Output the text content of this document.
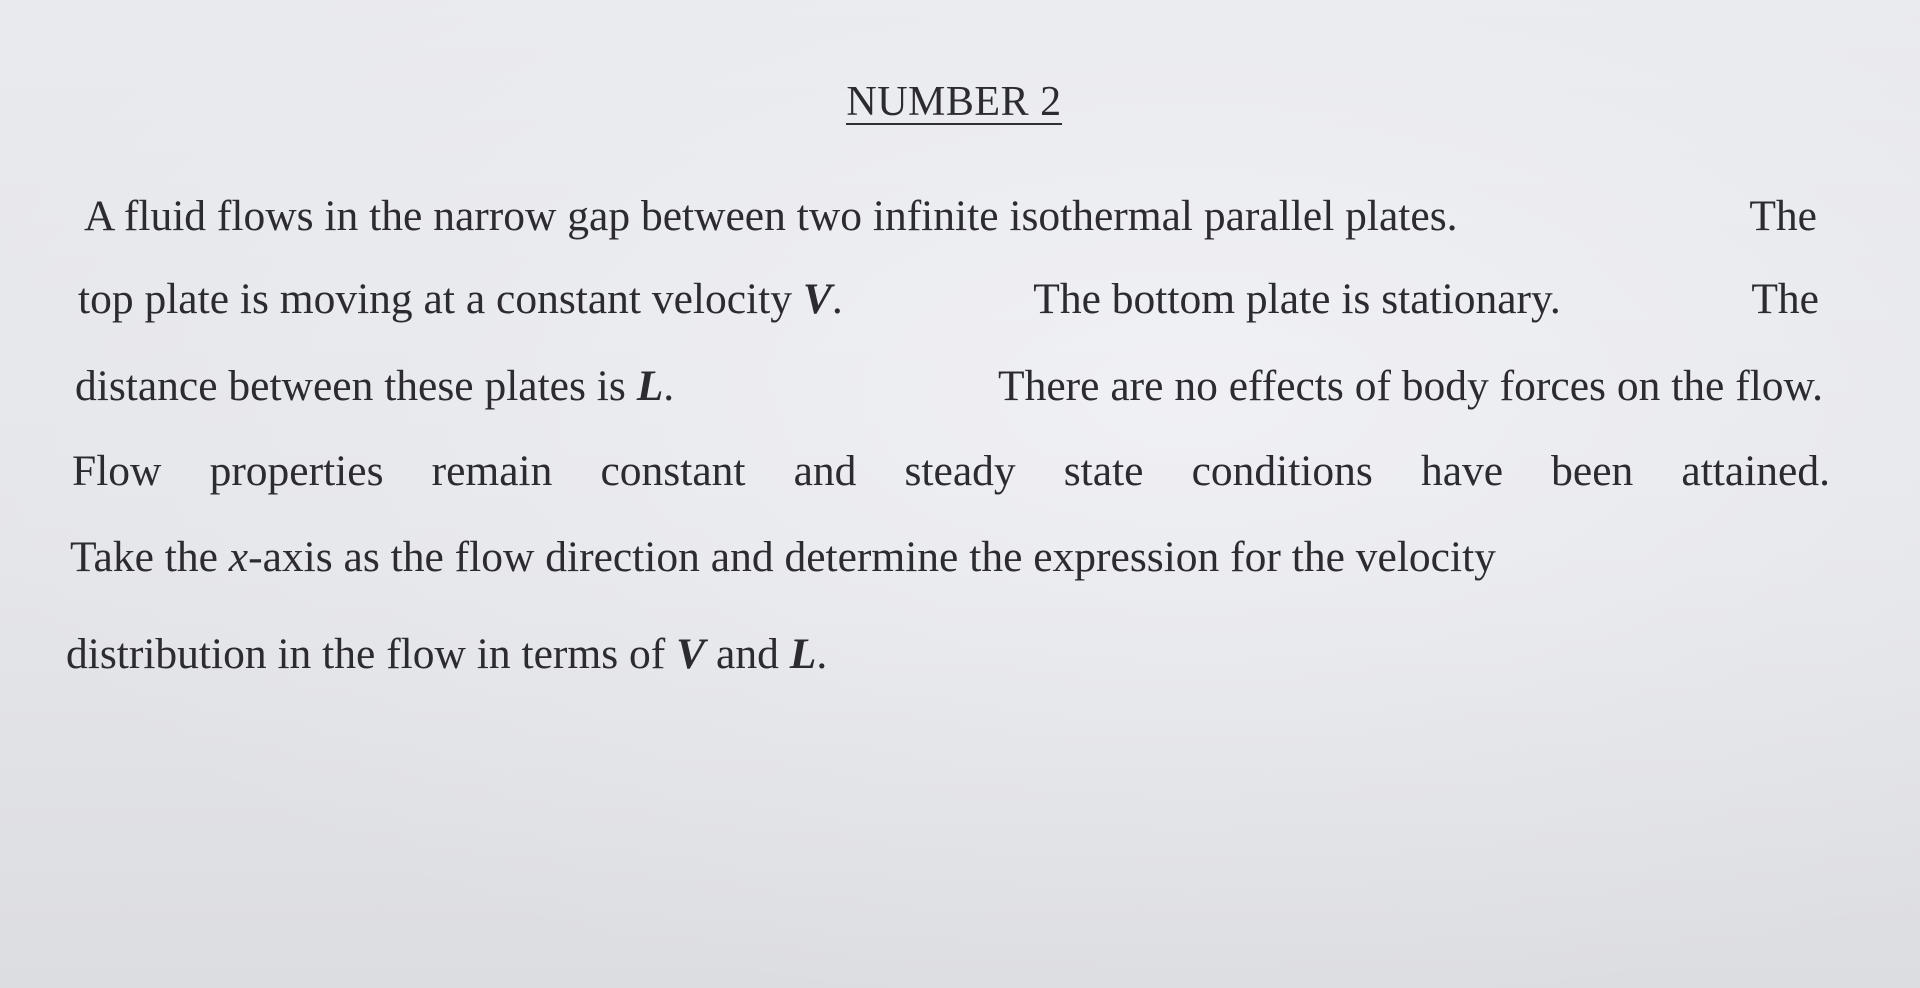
NUMBER 2
A fluid flows in the narrow gap between two infinite isothermal parallel plates.	The
top plate is moving at a constant velocity V.	The bottom plate is stationary.	The
distance between these plates is L.	There are no effects of body forces on the flow.
Flow properties remain constant and steady state conditions have been attained.
Take the x-axis as the flow direction and determine the expression for the velocity
distribution in the flow in terms of V and L.
